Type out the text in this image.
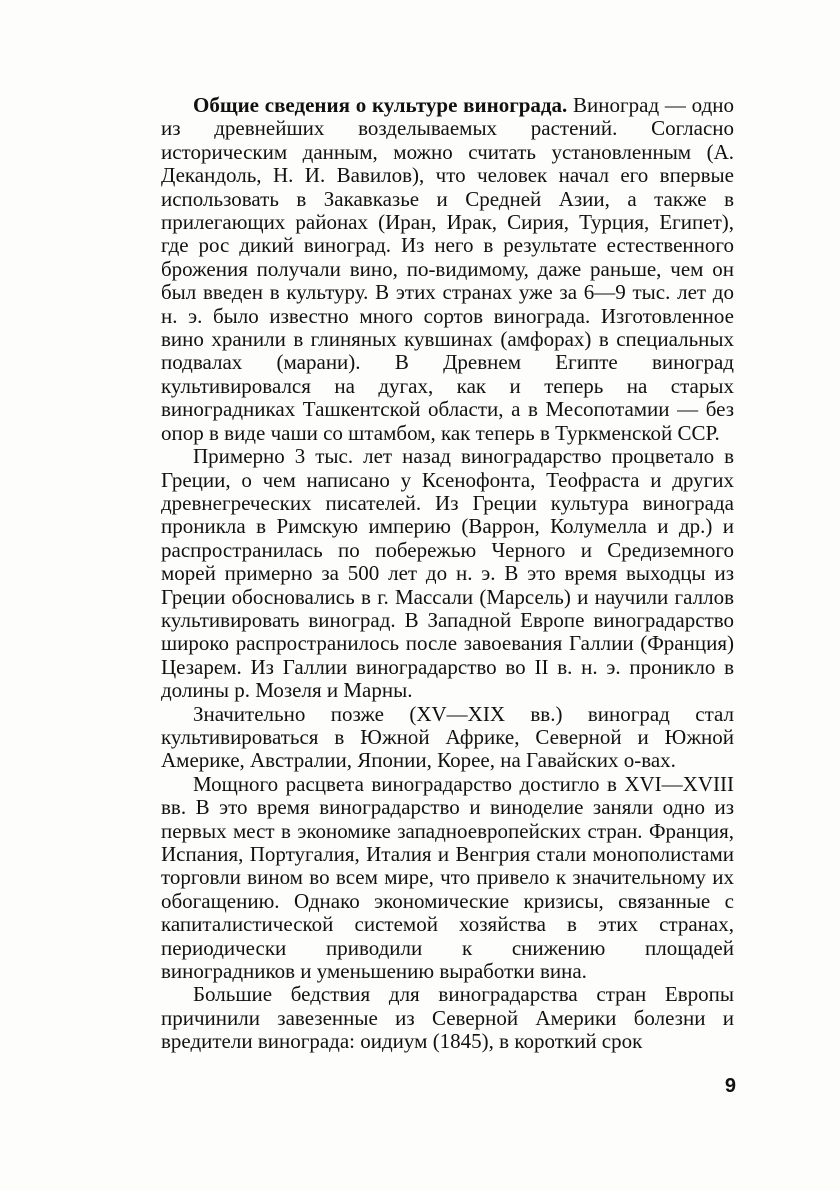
Общие сведения о культуре винограда. Виноград — одно из древнейших возделываемых растений. Согласно историческим данным, можно считать установленным (А. Декандоль, Н. И. Вавилов), что человек начал его впервые использовать в Закавказье и Средней Азии, а также в прилегающих районах (Иран, Ирак, Сирия, Турция, Египет), где рос дикий виноград. Из него в результате естественного брожения получали вино, по-видимому, даже раньше, чем он был введен в культуру. В этих странах уже за 6—9 тыс. лет до н. э. было известно много сортов винограда. Изготовленное вино хранили в глиняных кувшинах (амфорах) в специальных подвалах (марани). В Древнем Египте виноград культивировался на дугах, как и теперь на старых виноградниках Ташкентской области, а в Месопотамии — без опор в виде чаши со штамбом, как теперь в Туркменской ССР.

Примерно 3 тыс. лет назад виноградарство процветало в Греции, о чем написано у Ксенофонта, Теофраста и других древнегреческих писателей. Из Греции культура винограда проникла в Римскую империю (Варрон, Колумелла и др.) и распространилась по побережью Черного и Средиземного морей примерно за 500 лет до н. э. В это время выходцы из Греции обосновались в г. Массали (Марсель) и научили галлов культивировать виноград. В Западной Европе виноградарство широко распространилось после завоевания Галлии (Франция) Цезарем. Из Галлии виноградарство во II в. н. э. проникло в долины р. Мозеля и Марны.

Значительно позже (XV—XIX вв.) виноград стал культивироваться в Южной Африке, Северной и Южной Америке, Австралии, Японии, Корее, на Гавайских о-вах.

Мощного расцвета виноградарство достигло в XVI—XVIII вв. В это время виноградарство и виноделие заняли одно из первых мест в экономике западноевропейских стран. Франция, Испания, Португалия, Италия и Венгрия стали монополистами торговли вином во всем мире, что привело к значительному их обогащению. Однако экономические кризисы, связанные с капиталистической системой хозяйства в этих странах, периодически приводили к снижению площадей виноградников и уменьшению выработки вина.

Большие бедствия для виноградарства стран Европы причинили завезенные из Северной Америки болезни и вредители винограда: оидиум (1845), в короткий срок

9
